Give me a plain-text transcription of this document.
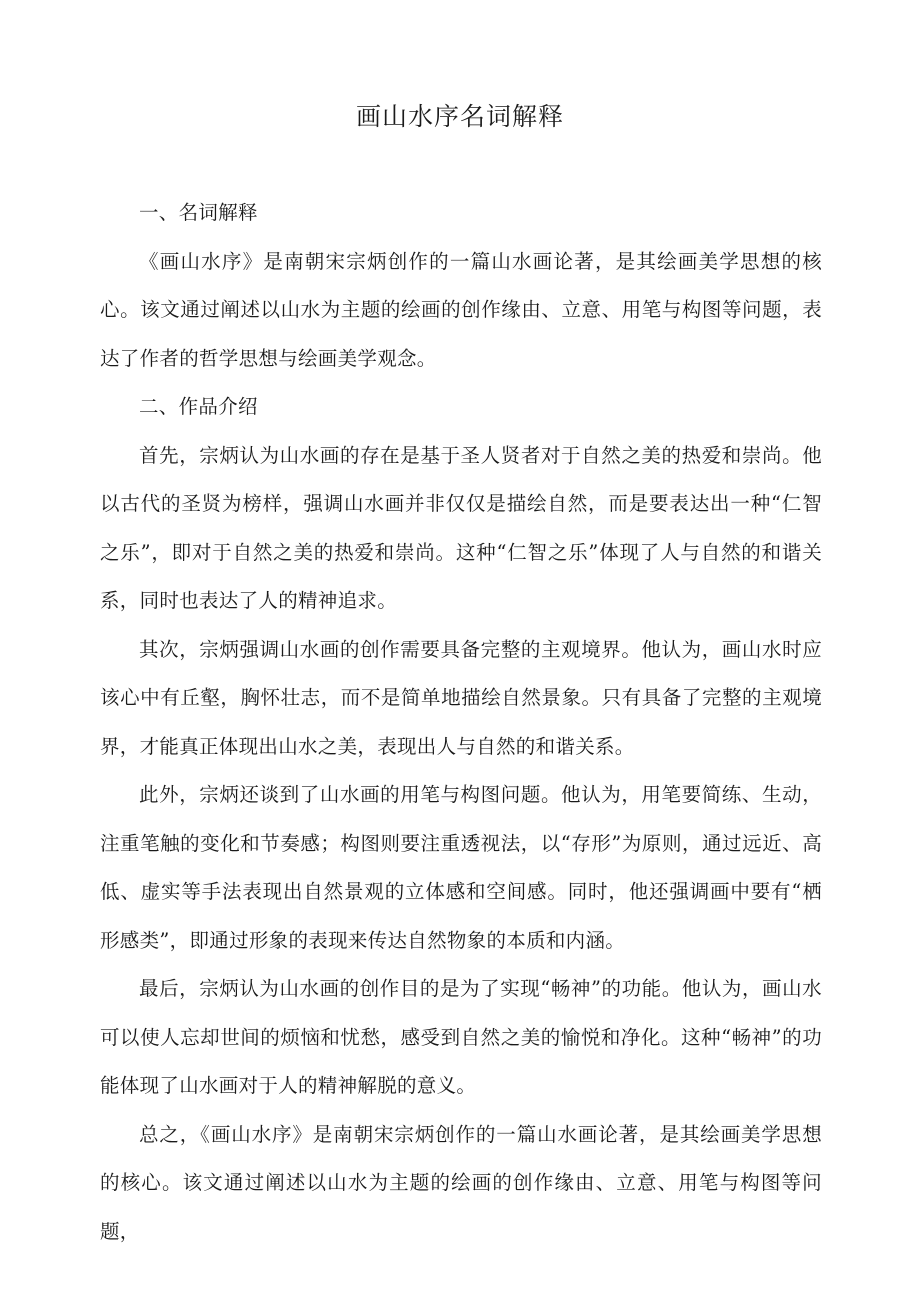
画山水序名词解释

一、名词解释

《画山水序》是南朝宋宗炳创作的一篇山水画论著，是其绘画美学思想的核心。该文通过阐述以山水为主题的绘画的创作缘由、立意、用笔与构图等问题，表达了作者的哲学思想与绘画美学观念。

二、作品介绍

首先，宗炳认为山水画的存在是基于圣人贤者对于自然之美的热爱和崇尚。他以古代的圣贤为榜样，强调山水画并非仅仅是描绘自然，而是要表达出一种“仁智之乐”，即对于自然之美的热爱和崇尚。这种“仁智之乐”体现了人与自然的和谐关系，同时也表达了人的精神追求。

其次，宗炳强调山水画的创作需要具备完整的主观境界。他认为，画山水时应该心中有丘壑，胸怀壮志，而不是简单地描绘自然景象。只有具备了完整的主观境界，才能真正体现出山水之美，表现出人与自然的和谐关系。

此外，宗炳还谈到了山水画的用笔与构图问题。他认为，用笔要简练、生动，注重笔触的变化和节奏感；构图则要注重透视法，以“存形”为原则，通过远近、高低、虚实等手法表现出自然景观的立体感和空间感。同时，他还强调画中要有“栖形感类”，即通过形象的表现来传达自然物象的本质和内涵。

最后，宗炳认为山水画的创作目的是为了实现“畅神”的功能。他认为，画山水可以使人忘却世间的烦恼和忧愁，感受到自然之美的愉悦和净化。这种“畅神”的功能体现了山水画对于人的精神解脱的意义。

总之，《画山水序》是南朝宋宗炳创作的一篇山水画论著，是其绘画美学思想的核心。该文通过阐述以山水为主题的绘画的创作缘由、立意、用笔与构图等问题，
